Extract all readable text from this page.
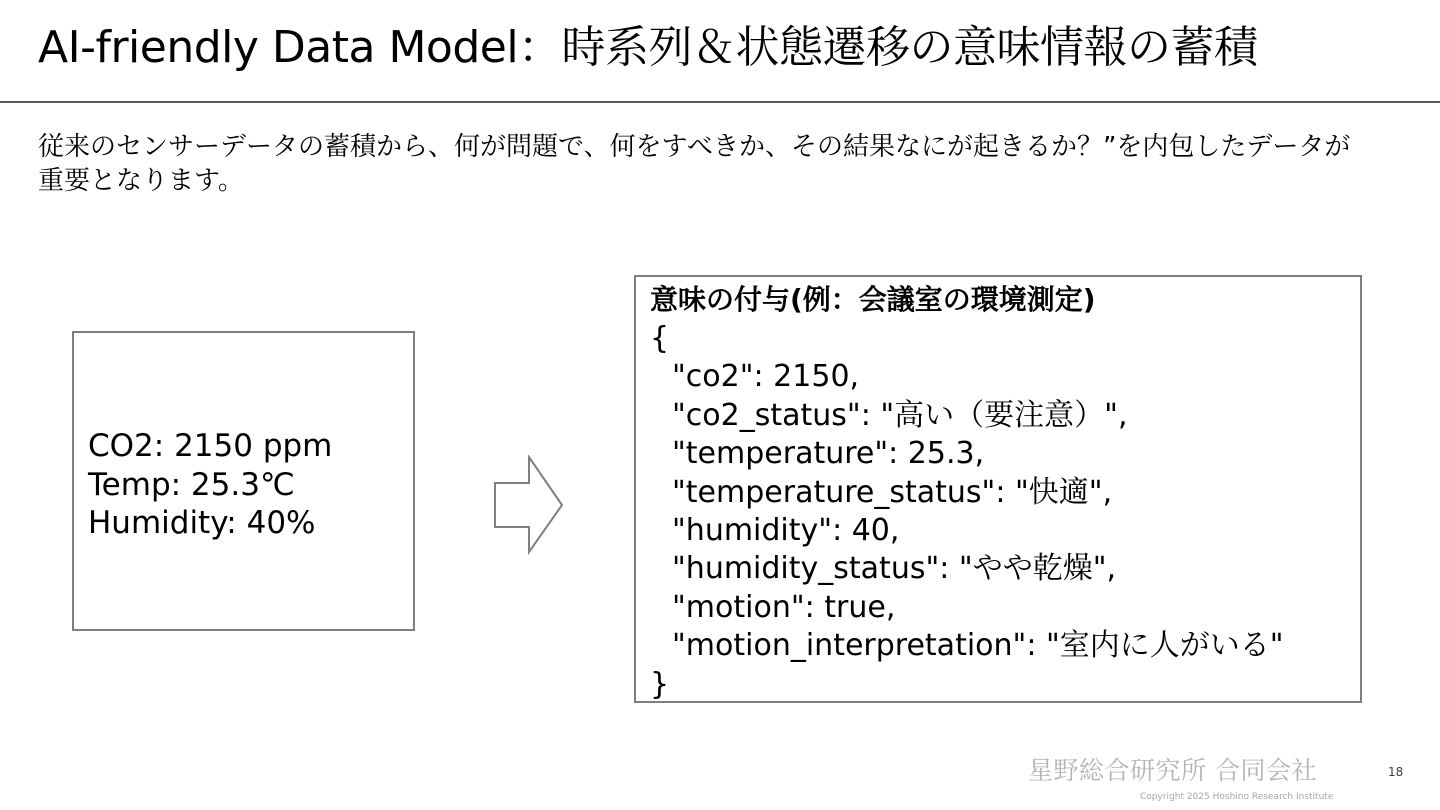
AI-friendly Data Model：時系列＆状態遷移の意味情報の蓄積
従来のセンサーデータの蓄積から、何が問題で、何をすべきか、その結果なにが起きるか？”を内包したデータが
重要となります。
CO2: 2150 ppm
Temp: 25.3℃
Humidity: 40%
意味の付与(例：会議室の環境測定)
{
"co2": 2150,
"co2_status": "高い（要注意）",
"temperature": 25.3,
"temperature_status": "快適",
"humidity": 40,
"humidity_status": "やや乾燥",
"motion": true,
"motion_interpretation": "室内に人がいる"
}
星野総合研究所 合同会社	18
Copyright 2025 Hoshino Research Institute
